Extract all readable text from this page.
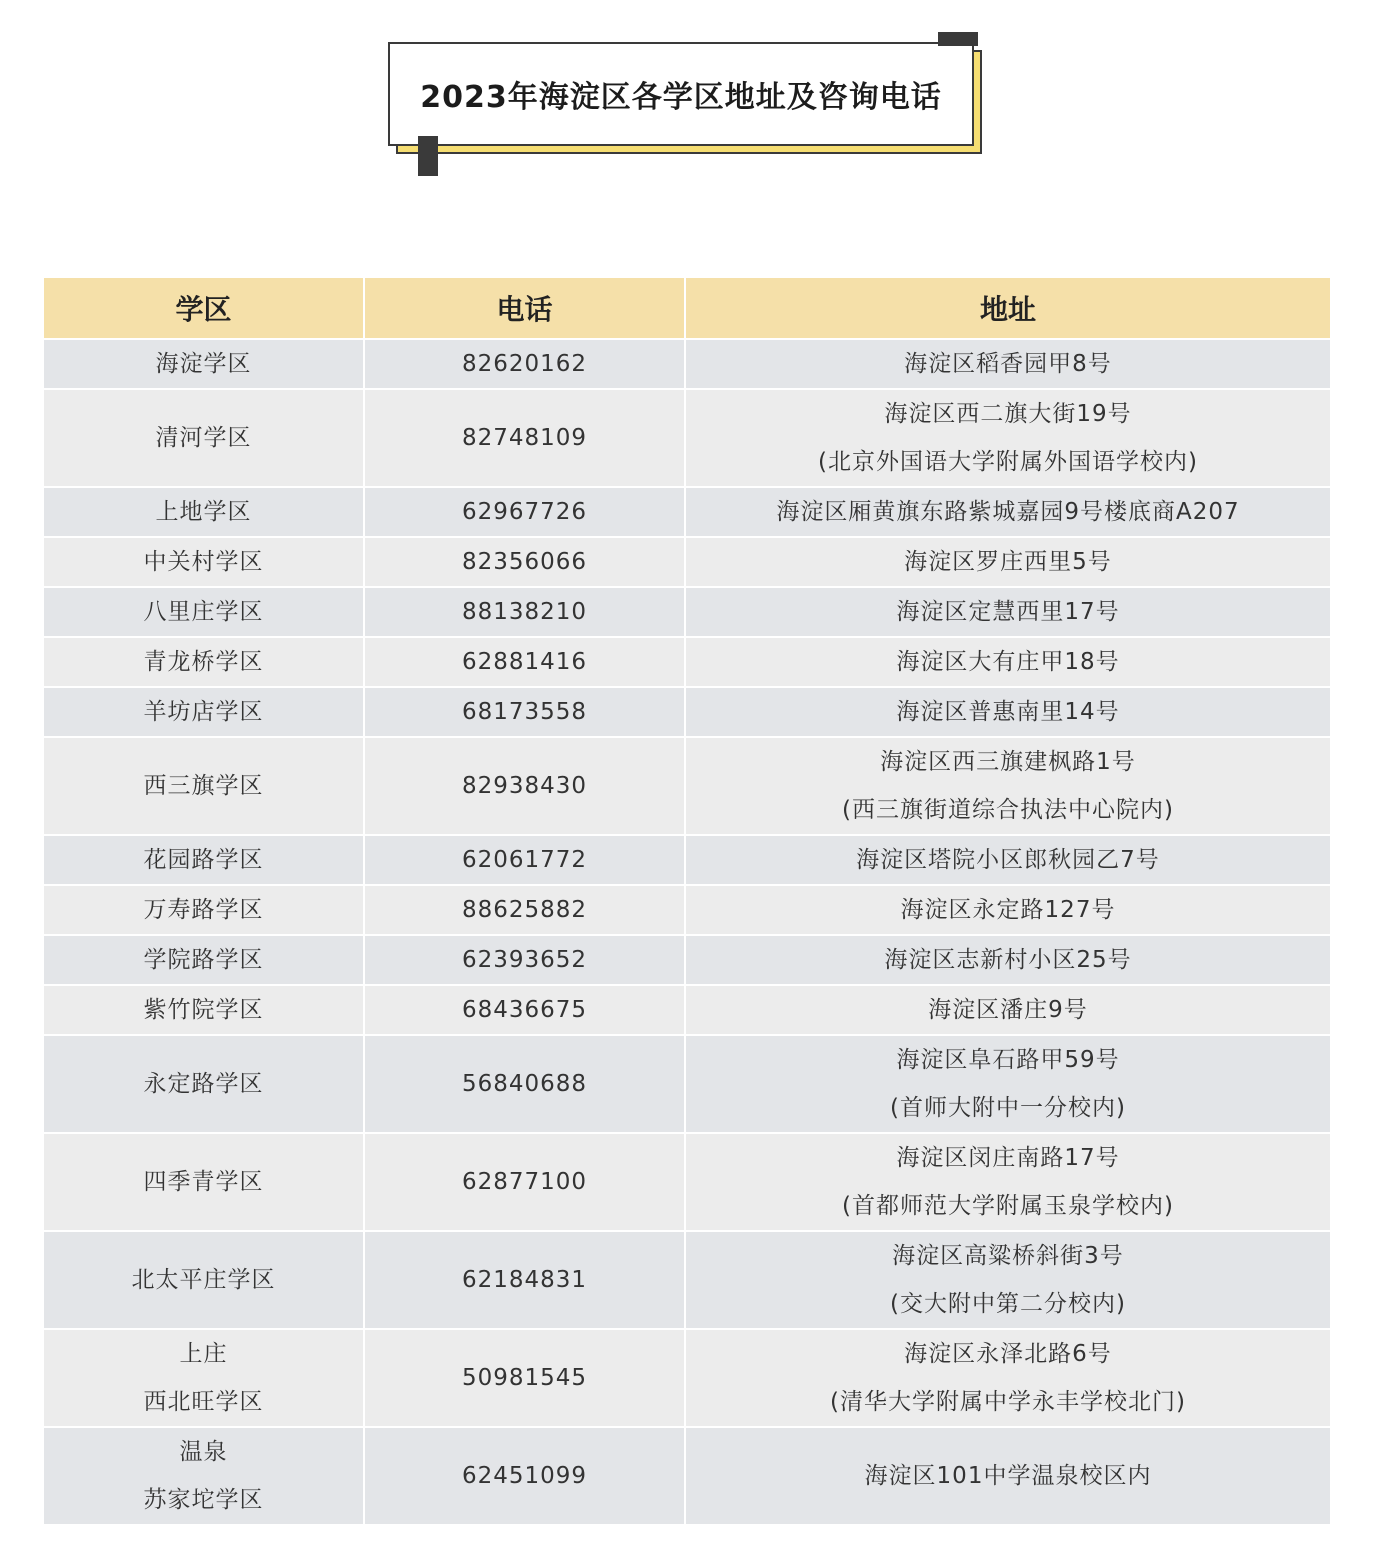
2023年海淀区各学区地址及咨询电话
学区	电话	地址

海淀学区	82620162	海淀区稻香园甲8号

清河学区	82748109	海淀区西二旗大街19号
(北京外国语大学附属外国语学校内)

上地学区	62967726	海淀区厢黄旗东路紫城嘉园9号楼底商A207

中关村学区	82356066	海淀区罗庄西里5号

八里庄学区	88138210	海淀区定慧西里17号

青龙桥学区	62881416	海淀区大有庄甲18号

羊坊店学区	68173558	海淀区普惠南里14号

西三旗学区	82938430	海淀区西三旗建枫路1号
(西三旗街道综合执法中心院内)

花园路学区	62061772	海淀区塔院小区郎秋园乙7号

万寿路学区	88625882	海淀区永定路127号

学院路学区	62393652	海淀区志新村小区25号

紫竹院学区	68436675	海淀区潘庄9号

永定路学区	56840688	海淀区阜石路甲59号
(首师大附中一分校内)

四季青学区	62877100	海淀区闵庄南路17号
(首都师范大学附属玉泉学校内)

北太平庄学区	62184831	海淀区高粱桥斜街3号
(交大附中第二分校内)

上庄
西北旺学区	50981545	海淀区永泽北路6号
(清华大学附属中学永丰学校北门)

温泉
苏家坨学区	62451099	海淀区101中学温泉校区内
